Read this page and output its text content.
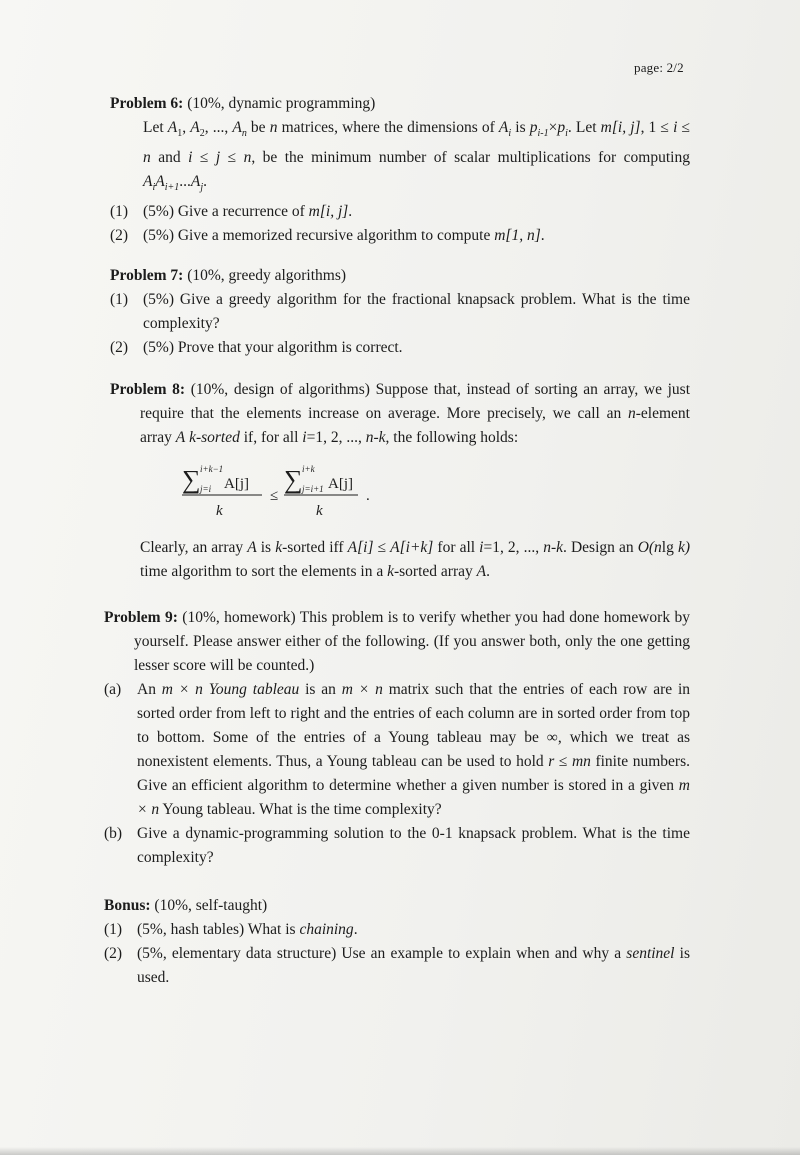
page: 2/2
Problem 6: (10%, dynamic programming)
Let $A_1$, $A_2$, ..., $A_n$ be n matrices, where the dimensions of $A_i$ is $p_{i-1}\times p_i$. Let m[i, j], 1 ≤ i ≤ n and i ≤ j ≤ n, be the minimum number of scalar multiplications for computing $A_iA_{i+1}...A_j$.
(1) (5%) Give a recurrence of m[i, j].
(2) (5%) Give a memorized recursive algorithm to compute m[1, n].
Problem 7: (10%, greedy algorithms)
(1) (5%) Give a greedy algorithm for the fractional knapsack problem. What is the time complexity?
(2) (5%) Prove that your algorithm is correct.
Problem 8: (10%, design of algorithms) Suppose that, instead of sorting an array, we just require that the elements increase on average. More precisely, we call an n-element array A k-sorted if, for all i=1, 2, ..., n-k, the following holds:
∑ i+k−1
j=i A[j]
k
≤
∑ i+k
j=i+1 A[j]
k
.
Clearly, an array A is k-sorted iff A[i] ≤ A[i+k] for all i=1, 2, ..., n-k. Design an O(nlg k) time algorithm to sort the elements in a k-sorted array A.
Problem 9: (10%, homework) This problem is to verify whether you had done homework by yourself. Please answer either of the following. (If you answer both, only the one getting lesser score will be counted.)
(a)	An m × n Young tableau is an m × n matrix such that the entries of each row are in sorted order from left to right and the entries of each column are in sorted order from top to bottom. Some of the entries of a Young tableau may be ∞, which we treat as nonexistent elements. Thus, a Young tableau can be used to hold r ≤ mn finite numbers. Give an efficient algorithm to determine whether a given number is stored in a given m × n Young tableau. What is the time complexity?
(b) Give a dynamic-programming solution to the 0-1 knapsack problem. What is the time complexity?
Bonus: (10%, self-taught)
(1) (5%, hash tables) What is chaining.
(2) (5%, elementary data structure) Use an example to explain when and why a sentinel is used.
